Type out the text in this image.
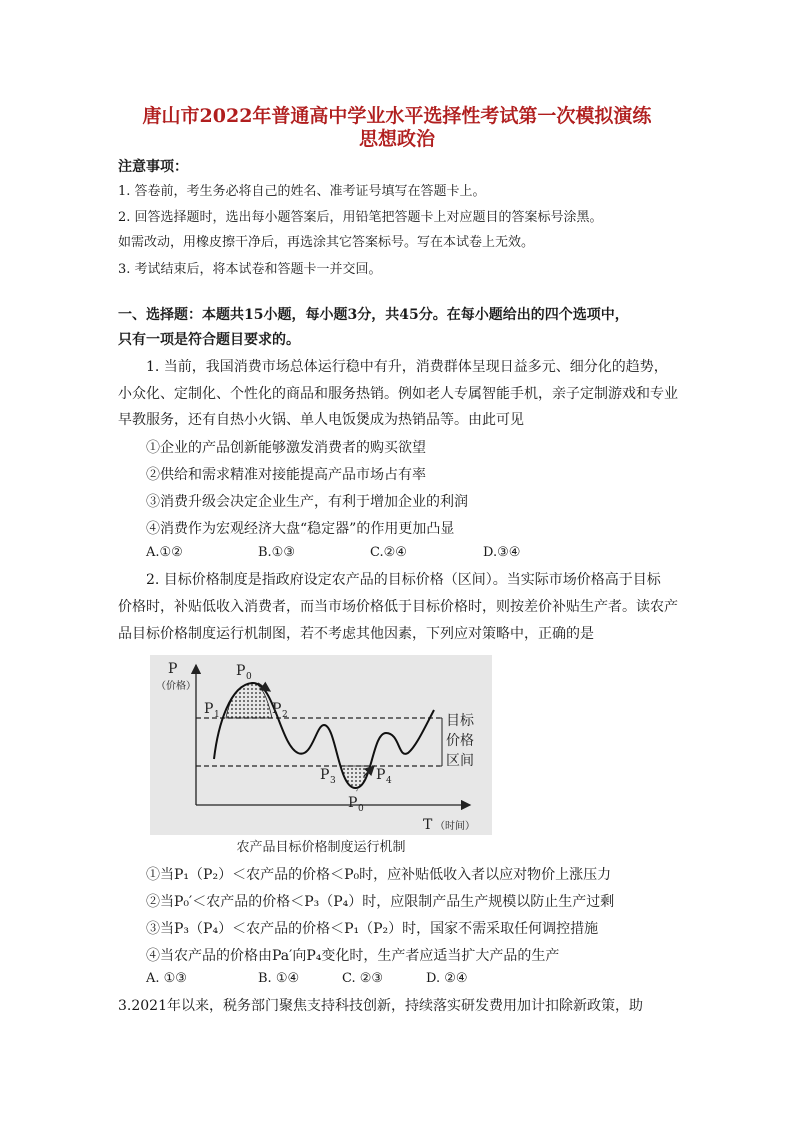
唐山市2022年普通高中学业水平选择性考试第一次模拟演练
思想政治
注意事项：
1. 答卷前，考生务必将自己的姓名、准考证号填写在答题卡上。
2. 回答选择题时，选出每小题答案后，用铅笔把答题卡上对应题目的答案标号涂黑。
如需改动，用橡皮擦干净后，再选涂其它答案标号。写在本试卷上无效。
3. 考试结束后，将本试卷和答题卡一并交回。
一、选择题：本题共15小题，每小题3分，共45分。在每小题给出的四个选项中，
只有一项是符合题目要求的。
1. 当前，我国消费市场总体运行稳中有升，消费群体呈现日益多元、细分化的趋势，
小众化、定制化、个性化的商品和服务热销。例如老人专属智能手机，亲子定制游戏和专业
早教服务，还有自热小火锅、单人电饭煲成为热销品等。由此可见
①企业的产品创新能够激发消费者的购买欲望
②供给和需求精准对接能提高产品市场占有率
③消费升级会决定企业生产，有利于增加企业的利润
④消费作为宏观经济大盘“稳定器”的作用更加凸显
A.①②	B.①③	C.②④	D.③④
2. 目标价格制度是指政府设定农产品的目标价格（区间）。当实际市场价格高于目标
价格时，补贴低收入消费者，而当市场价格低于目标价格时，则按差价补贴生产者。读农产
品目标价格制度运行机制图，若不考虑其他因素，下列应对策略中，正确的是
P
（价格）
T （时间）
目标
价格
区间
P 0
P 1	P 2
P 3	P 4
P 0
′
农产品目标价格制度运行机制
①当P₁（P₂）＜农产品的价格＜P₀时，应补贴低收入者以应对物价上涨压力
②当P₀′＜农产品的价格＜P₃（P₄）时，应限制产品生产规模以防止生产过剩
③当P₃（P₄）＜农产品的价格＜P₁（P₂）时，国家不需采取任何调控措施
④当农产品的价格由Pa′向P₄变化时，生产者应适当扩大产品的生产
A. ①③	B. ①④	C. ②③	D. ②④
3.2021年以来，税务部门聚焦支持科技创新，持续落实研发费用加计扣除新政策，助
